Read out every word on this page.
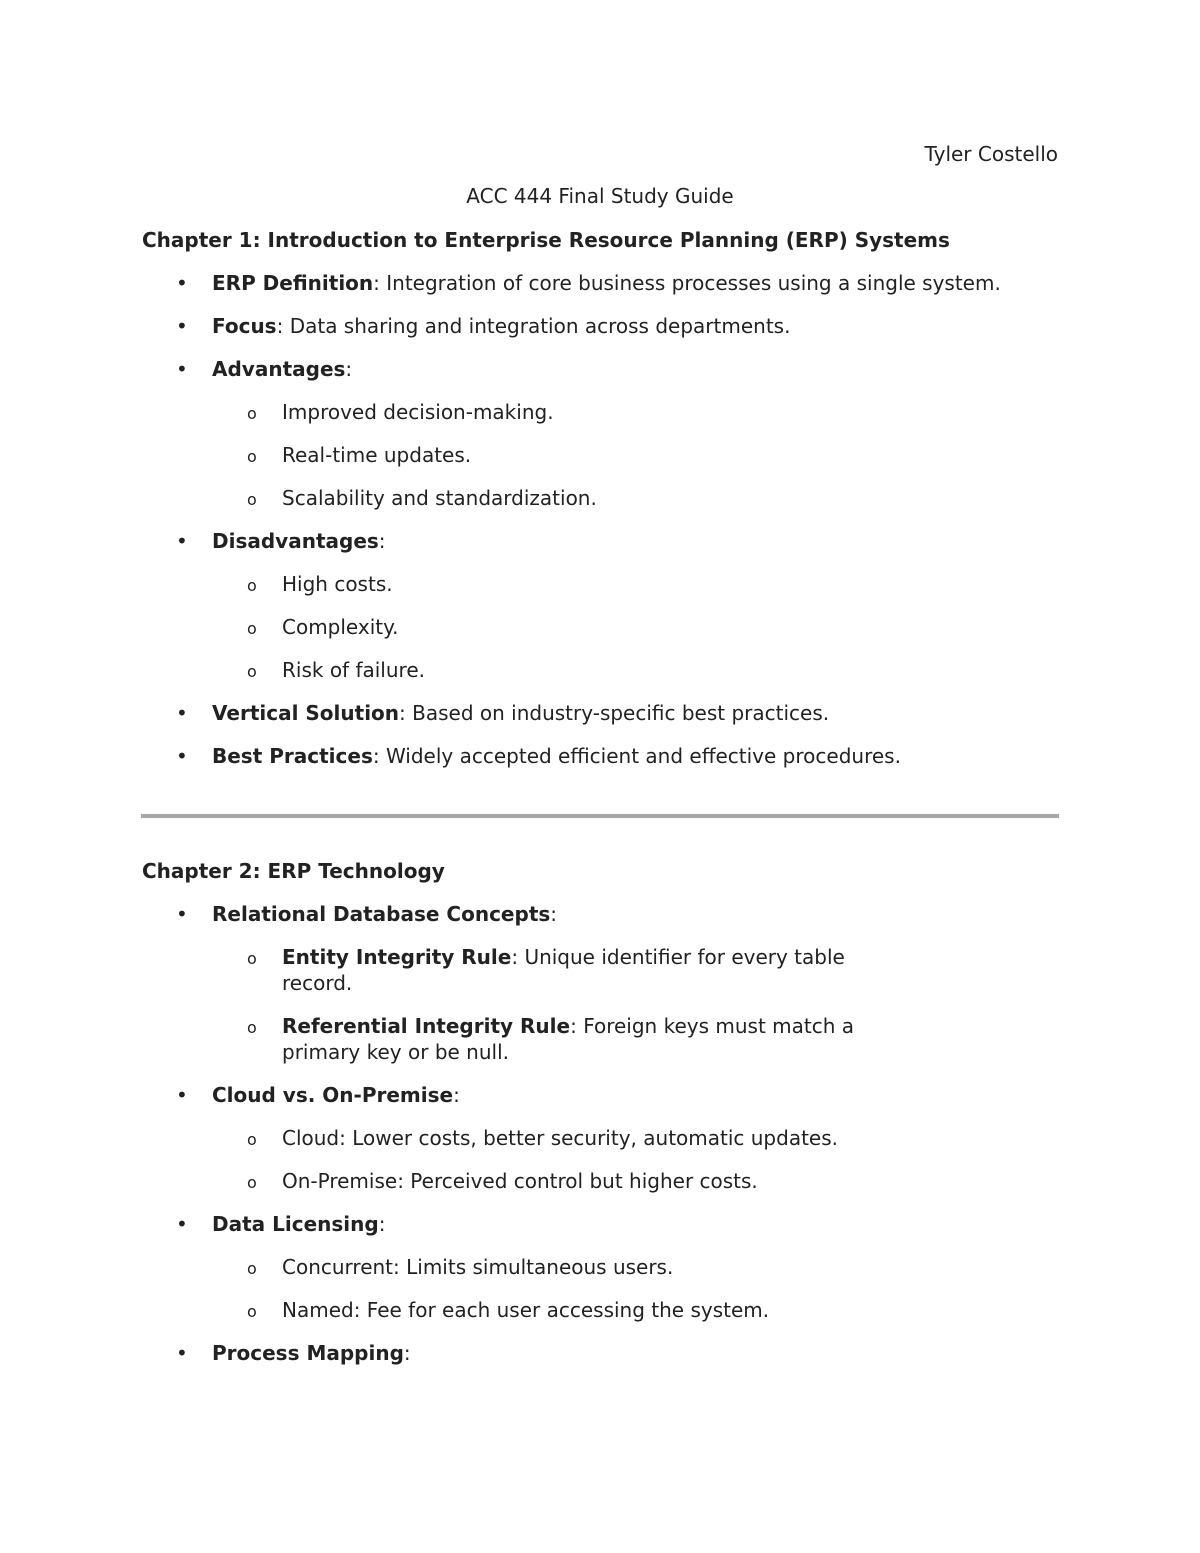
Tyler Costello
ACC 444 Final Study Guide
Chapter 1: Introduction to Enterprise Resource Planning (ERP) Systems
• ERP Definition: Integration of core business processes using a single system.
• Focus: Data sharing and integration across departments.
• Advantages:
o Improved decision-making.
o Real-time updates.
o Scalability and standardization.
• Disadvantages:
o High costs.
o Complexity.
o Risk of failure.
• Vertical Solution: Based on industry-specific best practices.
• Best Practices: Widely accepted efficient and effective procedures.
Chapter 2: ERP Technology
• Relational Database Concepts:
o Entity Integrity Rule: Unique identifier for every table record.
o Referential Integrity Rule: Foreign keys must match a primary key or be null.
• Cloud vs. On-Premise:
o Cloud: Lower costs, better security, automatic updates.
o On-Premise: Perceived control but higher costs.
• Data Licensing:
o Concurrent: Limits simultaneous users.
o Named: Fee for each user accessing the system.
• Process Mapping:
